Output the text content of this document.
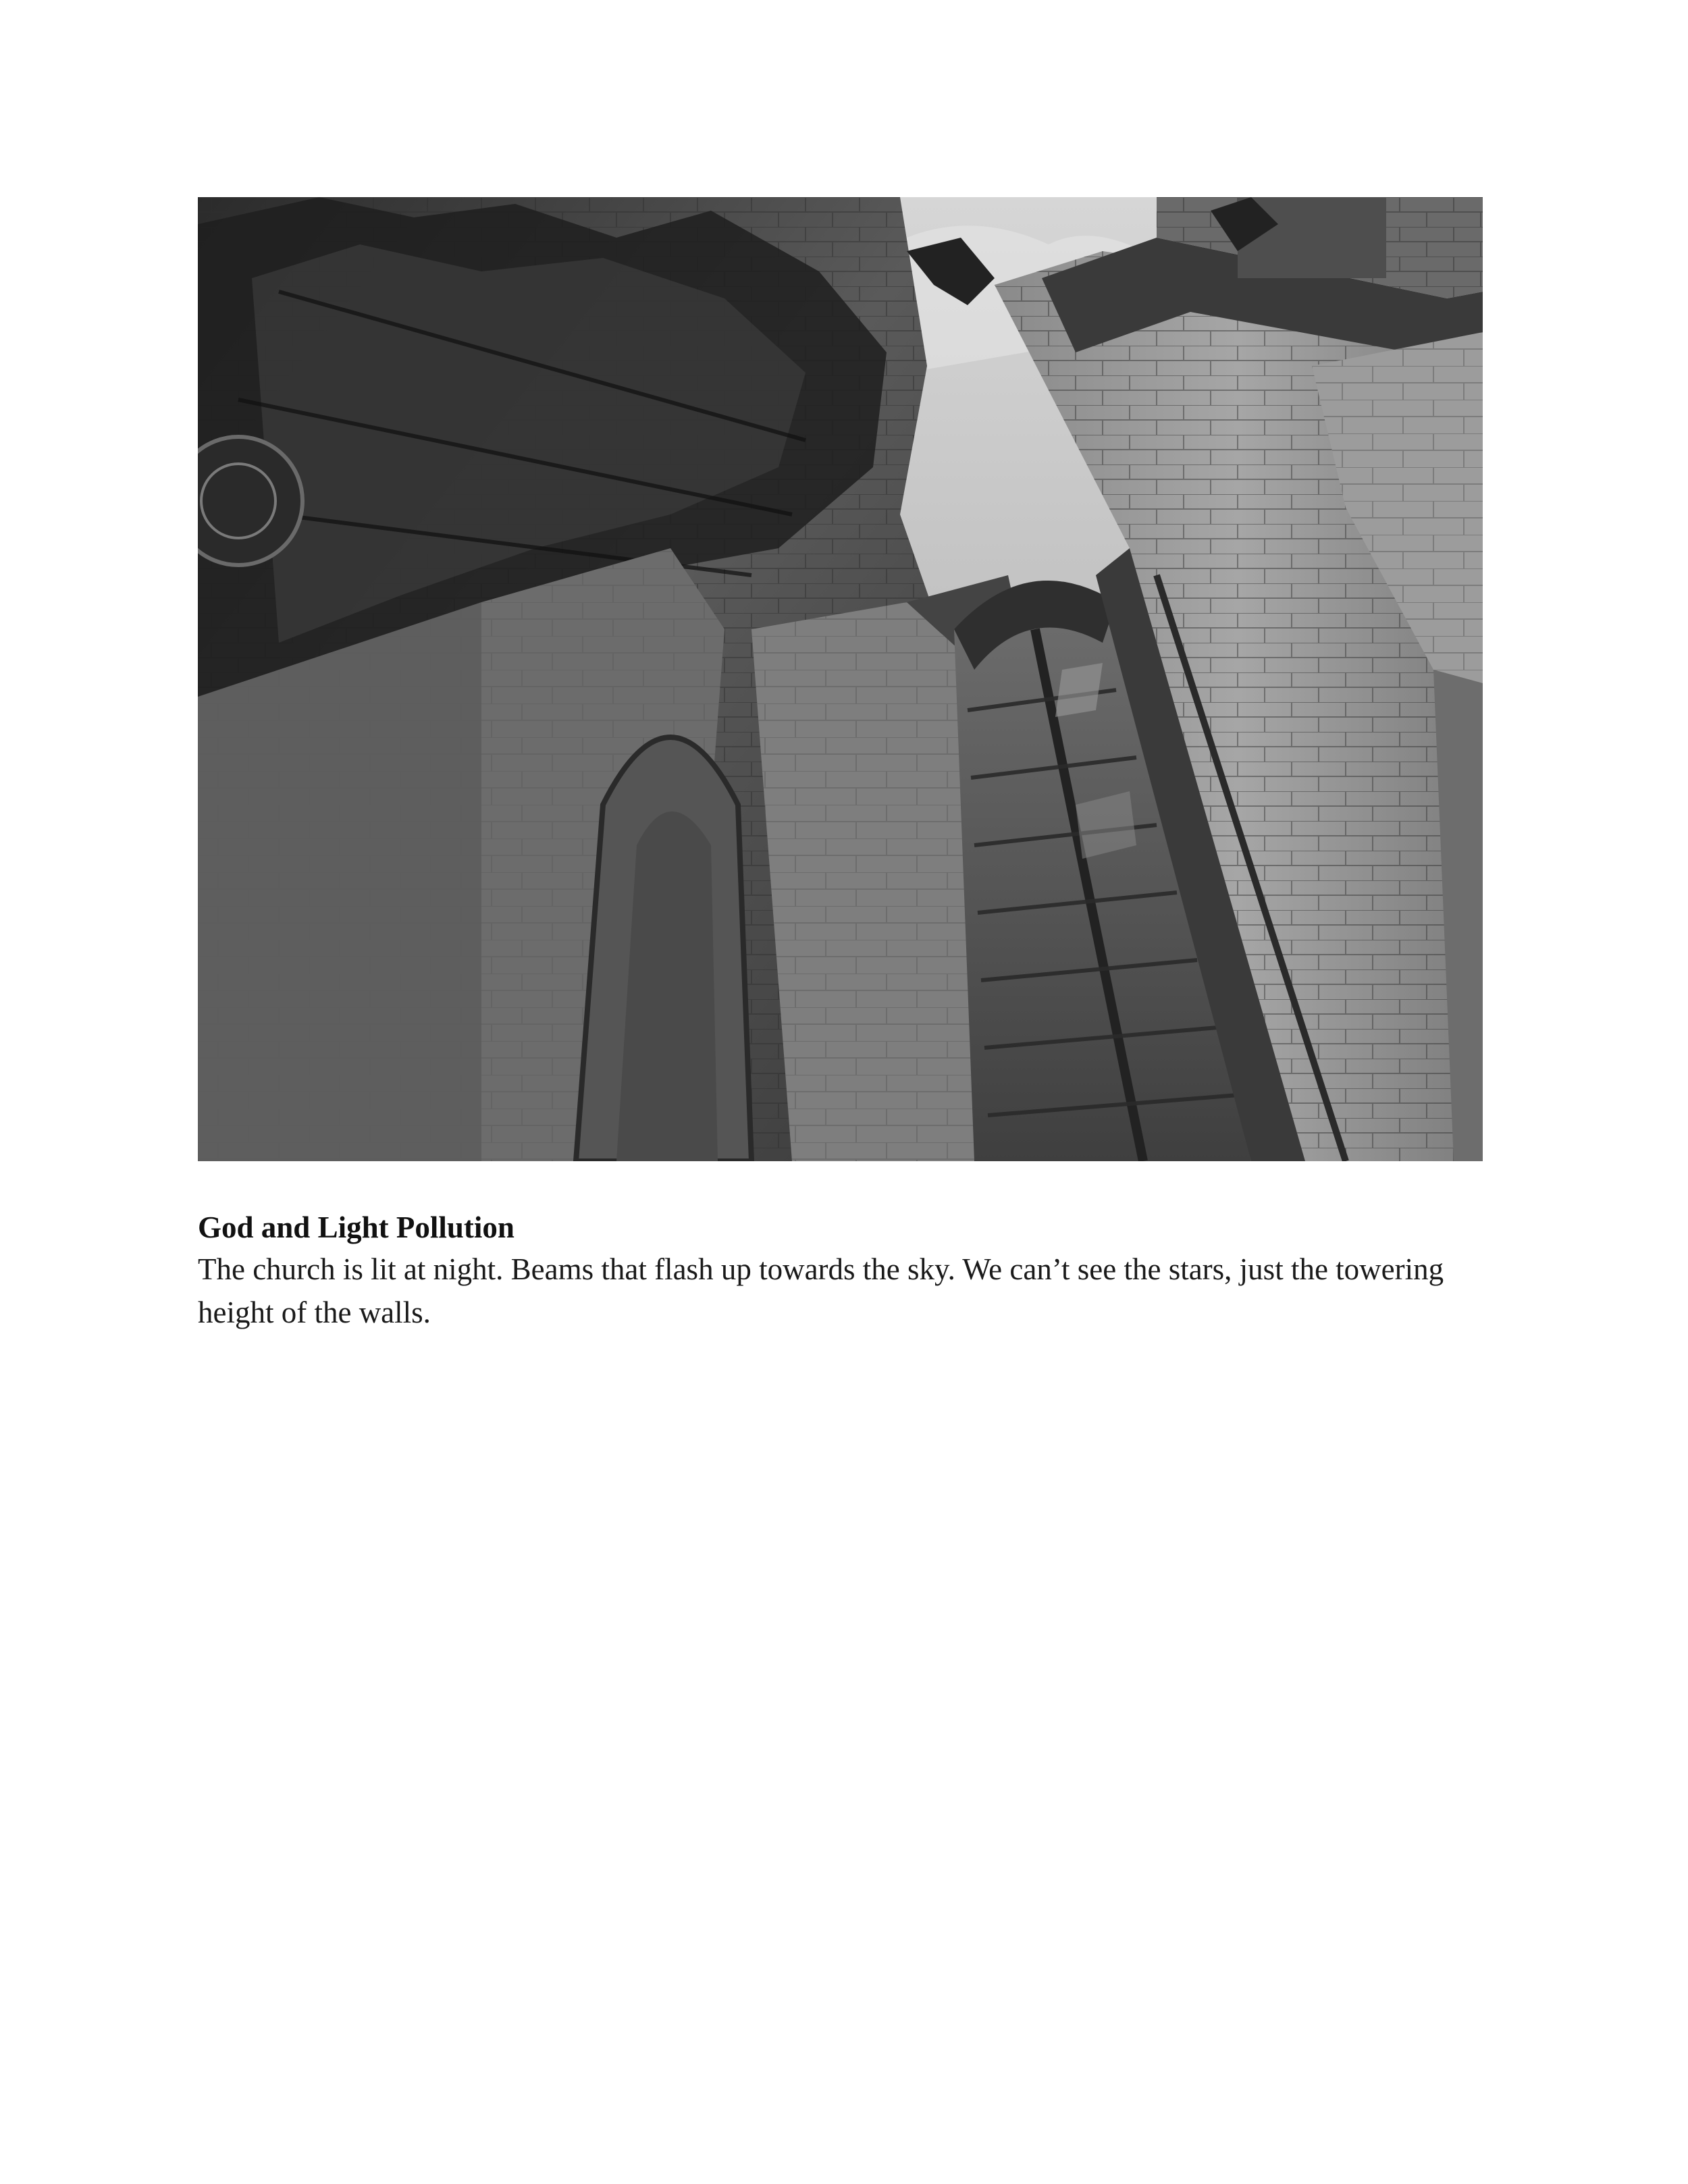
God and Light Pollution

The church is lit at night. Beams that flash up towards the sky. We can’t see the stars, just the towering height of the walls.
